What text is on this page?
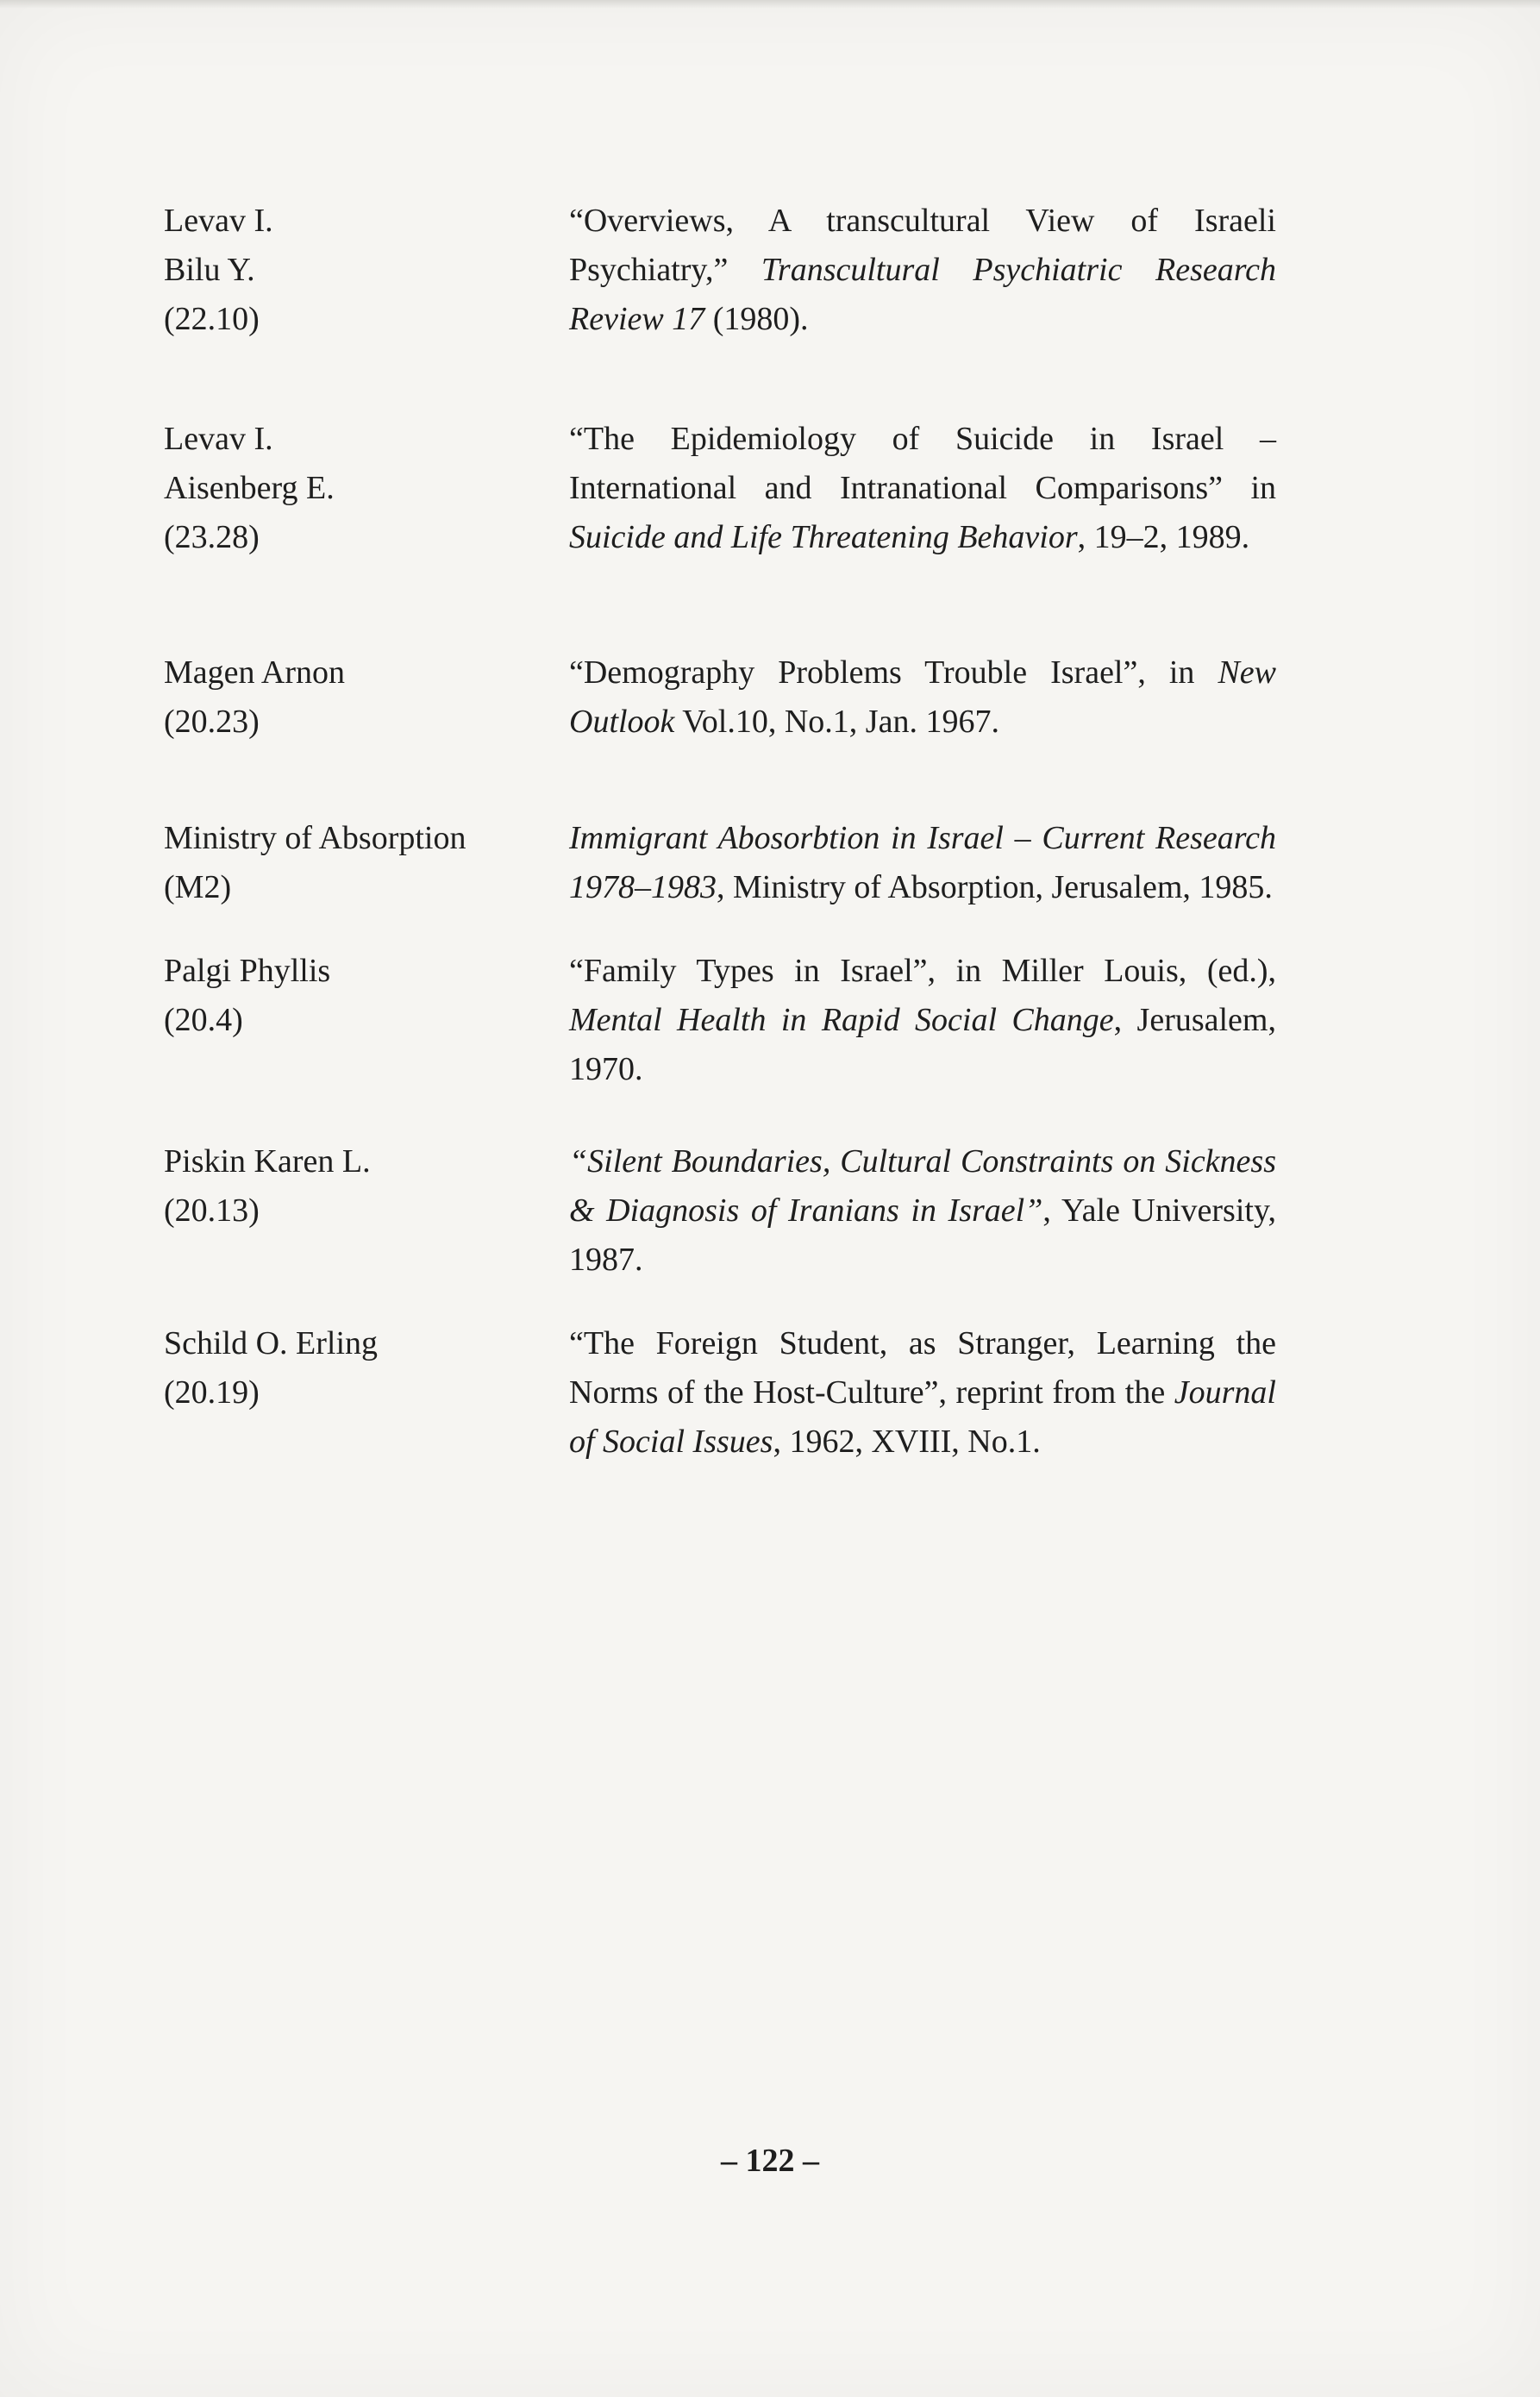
Levav I.
Bilu Y.
(22.10)
“Overviews, A transcultural View of Israeli Psychiatry,” Transcultural Psychiatric Research Review 17 (1980).
Levav I.
Aisenberg E.
(23.28)
“The Epidemiology of Suicide in Israel – International and Intranational Comparisons” in Suicide and Life Threatening Behavior, 19–2, 1989.
Magen Arnon
(20.23)
“Demography Problems Trouble Israel”, in New Outlook Vol.10, No.1, Jan. 1967.
Ministry of Absorption
(M2)
Immigrant Abosorbtion in Israel – Current Research 1978–1983, Ministry of Absorption, Jerusalem, 1985.
Palgi Phyllis
(20.4)
“Family Types in Israel”, in Miller Louis, (ed.), Mental Health in Rapid Social Change, Jerusalem, 1970.
Piskin Karen L.
(20.13)
“Silent Boundaries, Cultural Constraints on Sickness & Diagnosis of Iranians in Israel”, Yale University, 1987.
Schild O. Erling
(20.19)
“The Foreign Student, as Stranger, Learning the Norms of the Host-Culture”, reprint from the Journal of Social Issues, 1962, XVIII, No.1.
– 122 –
